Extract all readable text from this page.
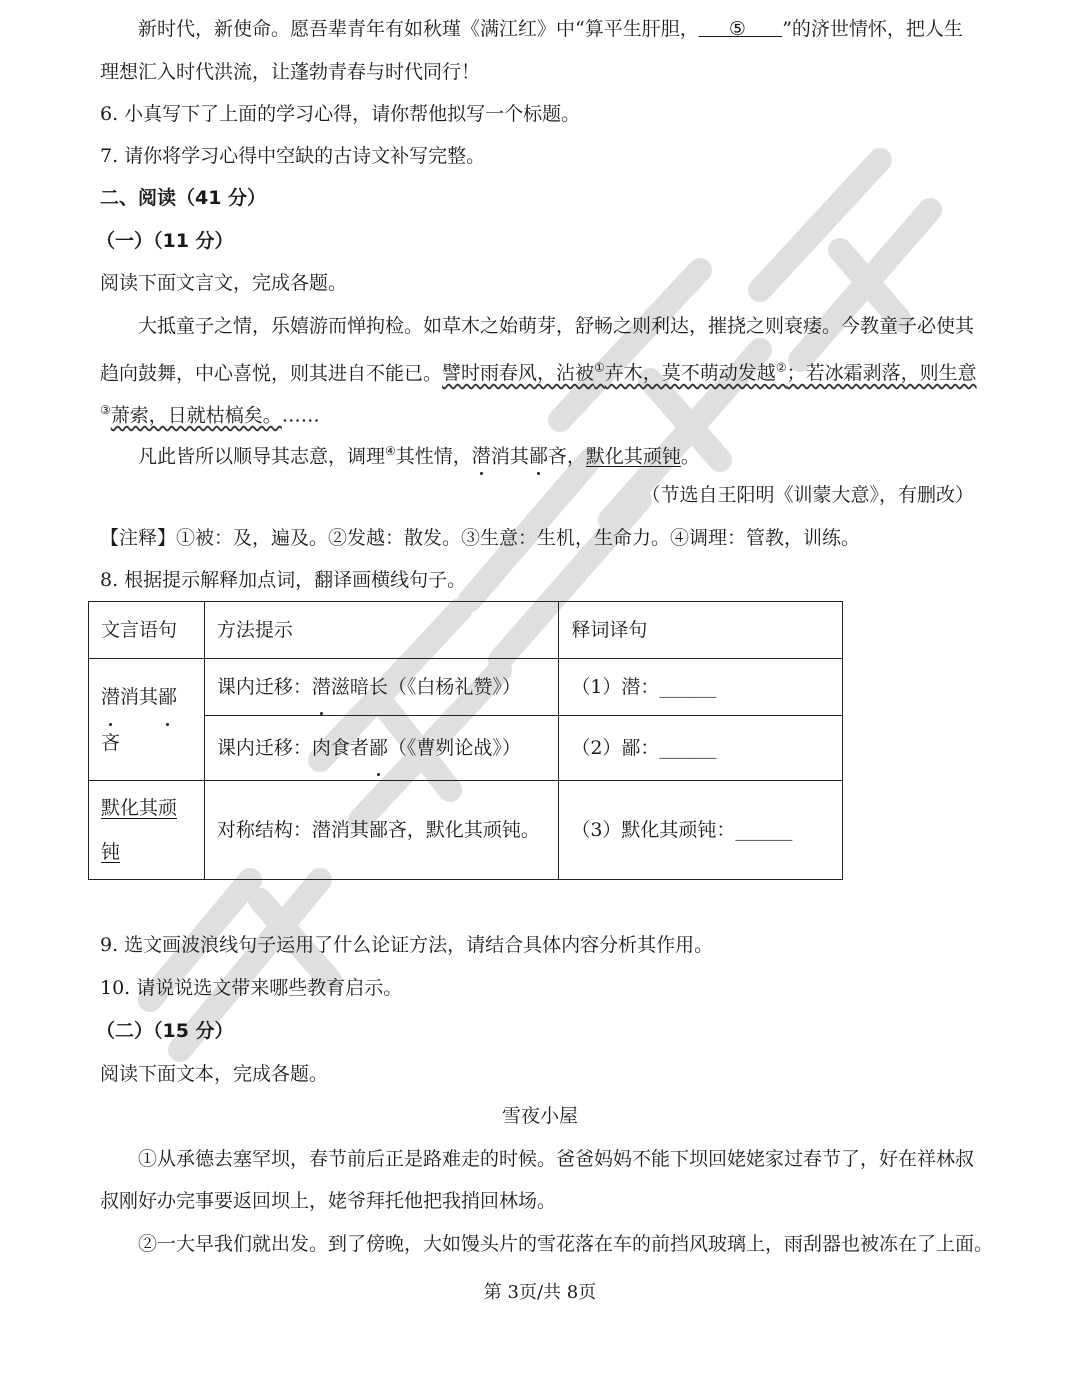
新时代，新使命。愿吾辈青年有如秋瑾《满江红》中“算平生肝胆， ⑤ ”的济世情怀，把人生
理想汇入时代洪流，让蓬勃青春与时代同行！
6. 小真写下了上面的学习心得，请你帮他拟写一个标题。
7. 请你将学习心得中空缺的古诗文补写完整。
二、阅读（41 分）
（一）（11 分）
阅读下面文言文，完成各题。
大抵童子之情，乐嬉游而惮拘检。如草木之始萌芽，舒畅之则利达，摧挠之则衰痿。今教童子必使其
趋向鼓舞，中心喜悦，则其进自不能已。譬时雨春风，沾被①卉木，莫不萌动发越②；若冰霜剥落，则生意
③萧索，日就枯槁矣。……
凡此皆所以顺导其志意，调理④其性情，潜消其鄙吝，默化其顽钝。
（节选自王阳明《训蒙大意》，有删改）
【注释】①被：及，遍及。②发越：散发。③生意：生机，生命力。④调理：管教，训练。
8. 根据提示解释加点词，翻译画横线句子。
文言语句	方法提示	释词译句
潜消其鄙
吝	课内迁移：潜滋暗长（《白杨礼赞》）	（1）潜：______
	课内迁移：肉食者鄙（《曹刿论战》）	（2）鄙：______
默化其顽钝	对称结构：潜消其鄙吝，默化其顽钝。	（3）默化其顽钝：______
9. 选文画波浪线句子运用了什么论证方法，请结合具体内容分析其作用。
10. 请说说选文带来哪些教育启示。
（二）（15 分）
阅读下面文本，完成各题。
雪夜小屋
①从承德去塞罕坝，春节前后正是路难走的时候。爸爸妈妈不能下坝回姥姥家过春节了，好在祥林叔
叔刚好办完事要返回坝上，姥爷拜托他把我捎回林场。
②一大早我们就出发。到了傍晚，大如馒头片的雪花落在车的前挡风玻璃上，雨刮器也被冻在了上面。
第 3页/共 8页
